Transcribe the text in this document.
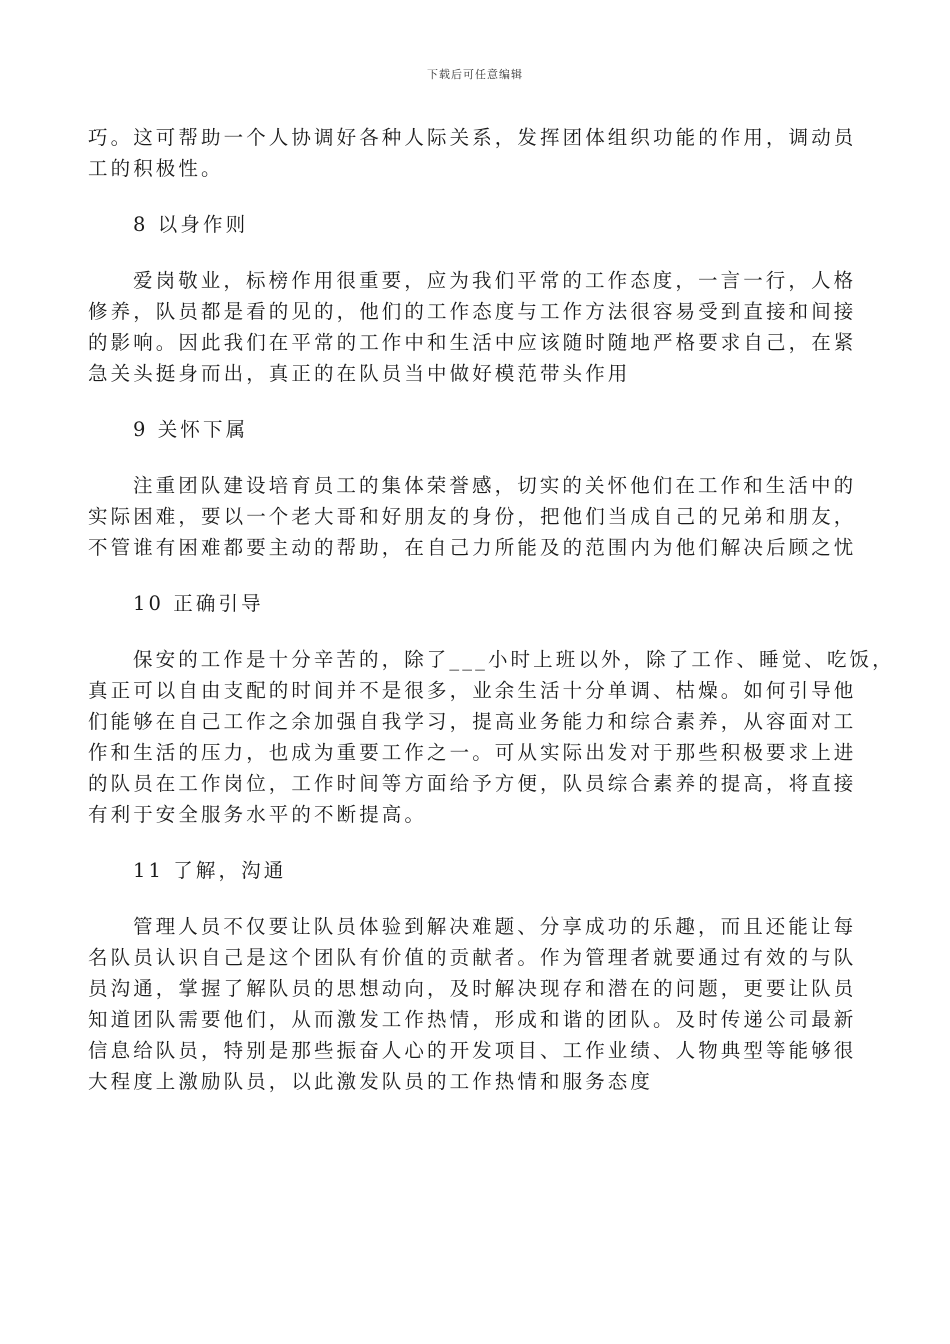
下载后可任意编辑

巧。这可帮助一个人协调好各种人际关系，发挥团体组织功能的作用，调动员
工的积极性。

8 以身作则

爱岗敬业，标榜作用很重要，应为我们平常的工作态度，一言一行，人格
修养，队员都是看的见的，他们的工作态度与工作方法很容易受到直接和间接
的影响。因此我们在平常的工作中和生活中应该随时随地严格要求自己，在紧
急关头挺身而出，真正的在队员当中做好模范带头作用

9 关怀下属

注重团队建设培育员工的集体荣誉感，切实的关怀他们在工作和生活中的
实际困难，要以一个老大哥和好朋友的身份，把他们当成自己的兄弟和朋友，
不管谁有困难都要主动的帮助，在自己力所能及的范围内为他们解决后顾之忧

10 正确引导

保安的工作是十分辛苦的，除了___小时上班以外，除了工作、睡觉、吃饭，
真正可以自由支配的时间并不是很多，业余生活十分单调、枯燥。如何引导他
们能够在自己工作之余加强自我学习，提高业务能力和综合素养，从容面对工
作和生活的压力，也成为重要工作之一。可从实际出发对于那些积极要求上进
的队员在工作岗位，工作时间等方面给予方便，队员综合素养的提高，将直接
有利于安全服务水平的不断提高。

11 了解，沟通

管理人员不仅要让队员体验到解决难题、分享成功的乐趣，而且还能让每
名队员认识自己是这个团队有价值的贡献者。作为管理者就要通过有效的与队
员沟通，掌握了解队员的思想动向，及时解决现存和潜在的问题，更要让队员
知道团队需要他们，从而激发工作热情，形成和谐的团队。及时传递公司最新
信息给队员，特别是那些振奋人心的开发项目、工作业绩、人物典型等能够很
大程度上激励队员，以此激发队员的工作热情和服务态度
